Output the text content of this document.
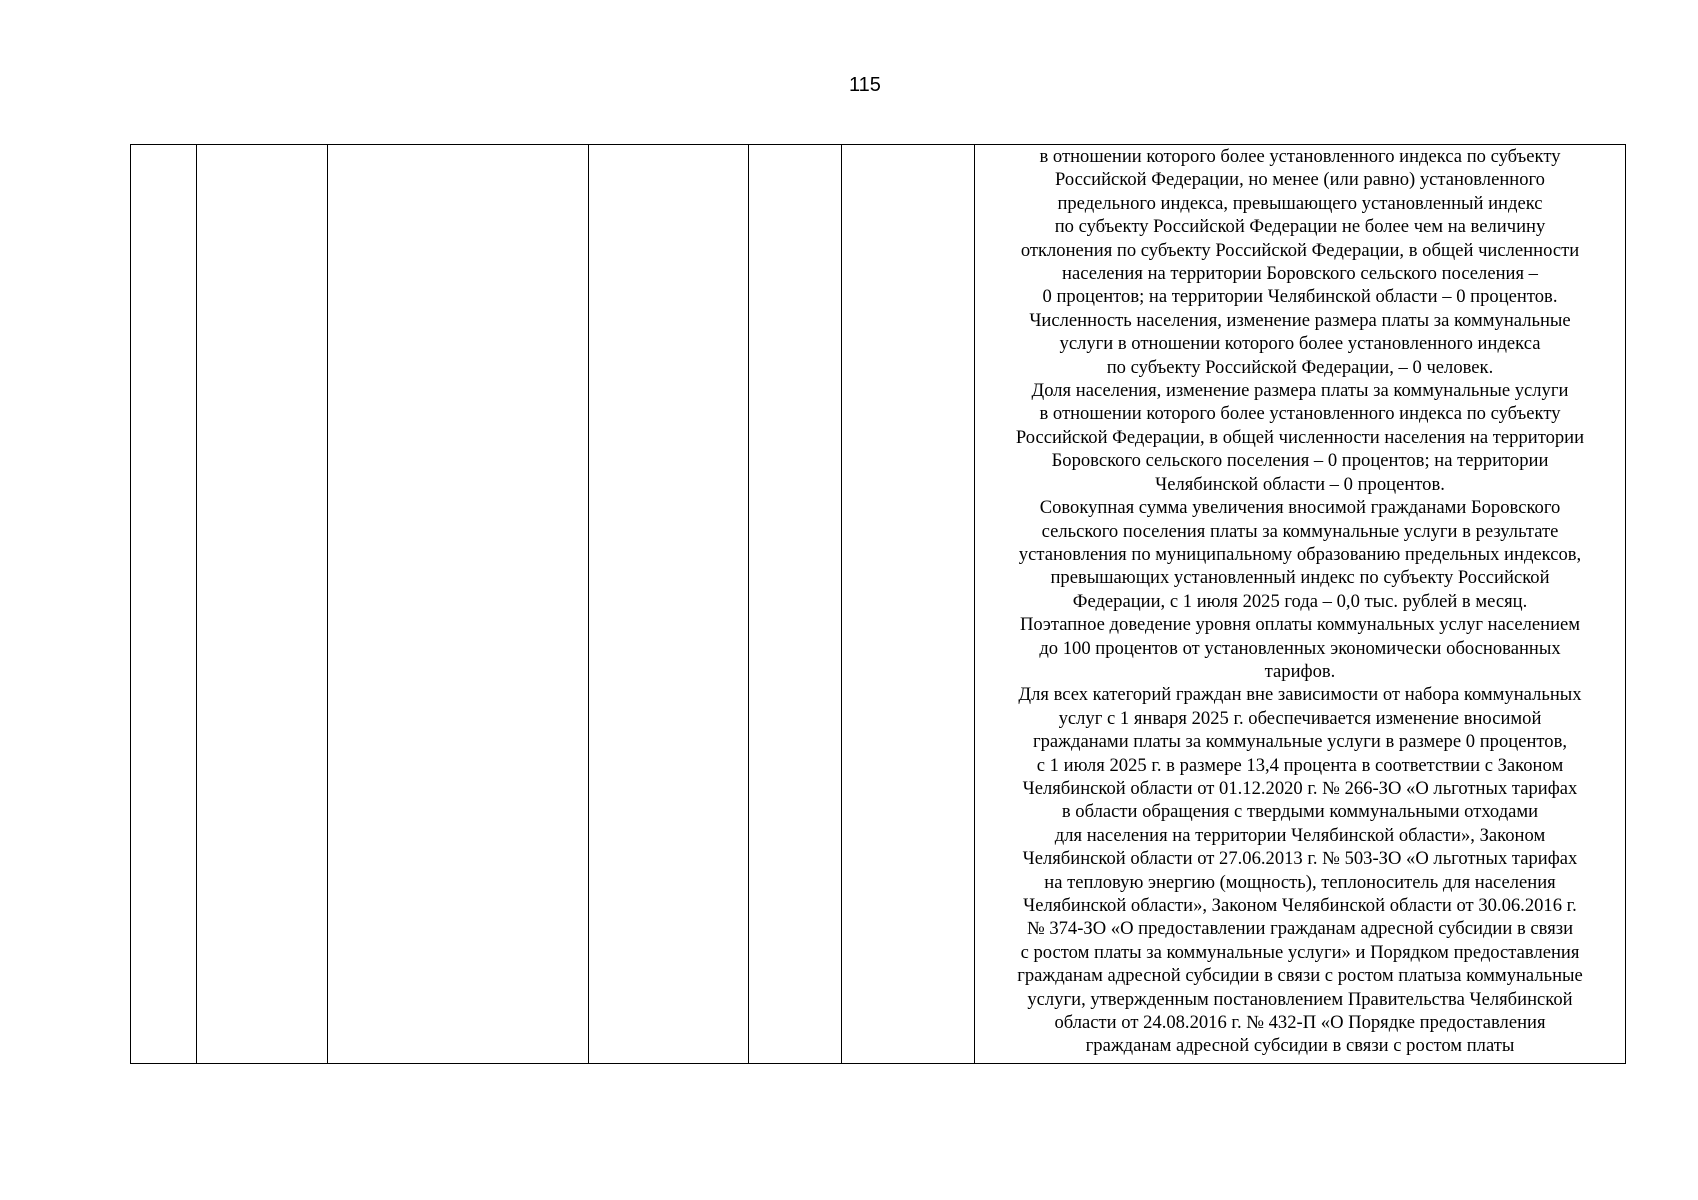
115

в отношении которого более установленного индекса по субъекту
Российской Федерации, но менее (или равно) установленного
предельного индекса, превышающего установленный индекс
по субъекту Российской Федерации не более чем на величину
отклонения по субъекту Российской Федерации, в общей численности
населения на территории Боровского сельского поселения –
0 процентов; на территории Челябинской области – 0 процентов.
Численность населения, изменение размера платы за коммунальные
услуги в отношении которого более установленного индекса
по субъекту Российской Федерации, – 0 человек.
Доля населения, изменение размера платы за коммунальные услуги
в отношении которого более установленного индекса по субъекту
Российской Федерации, в общей численности населения на территории
Боровского сельского поселения – 0 процентов; на территории
Челябинской области – 0 процентов.
Совокупная сумма увеличения вносимой гражданами Боровского
сельского поселения платы за коммунальные услуги в результате
установления по муниципальному образованию предельных индексов,
превышающих установленный индекс по субъекту Российской
Федерации, с 1 июля 2025 года – 0,0 тыс. рублей в месяц.
Поэтапное доведение уровня оплаты коммунальных услуг населением
до 100 процентов от установленных экономически обоснованных
тарифов.
Для всех категорий граждан вне зависимости от набора коммунальных
услуг с 1 января 2025 г. обеспечивается изменение вносимой
гражданами платы за коммунальные услуги в размере 0 процентов,
с 1 июля 2025 г. в размере 13,4 процента в соответствии с Законом
Челябинской области от 01.12.2020 г. № 266-ЗО «О льготных тарифах
в области обращения с твердыми коммунальными отходами
для населения на территории Челябинской области», Законом
Челябинской области от 27.06.2013 г. № 503-ЗО «О льготных тарифах
на тепловую энергию (мощность), теплоноситель для населения
Челябинской области», Законом Челябинской области от 30.06.2016 г.
№ 374-ЗО «О предоставлении гражданам адресной субсидии в связи
с ростом платы за коммунальные услуги» и Порядком предоставления
гражданам адресной субсидии в связи с ростом платыза коммунальные
услуги, утвержденным постановлением Правительства Челябинской
области от 24.08.2016 г. № 432-П «О Порядке предоставления
гражданам адресной субсидии в связи с ростом платы
